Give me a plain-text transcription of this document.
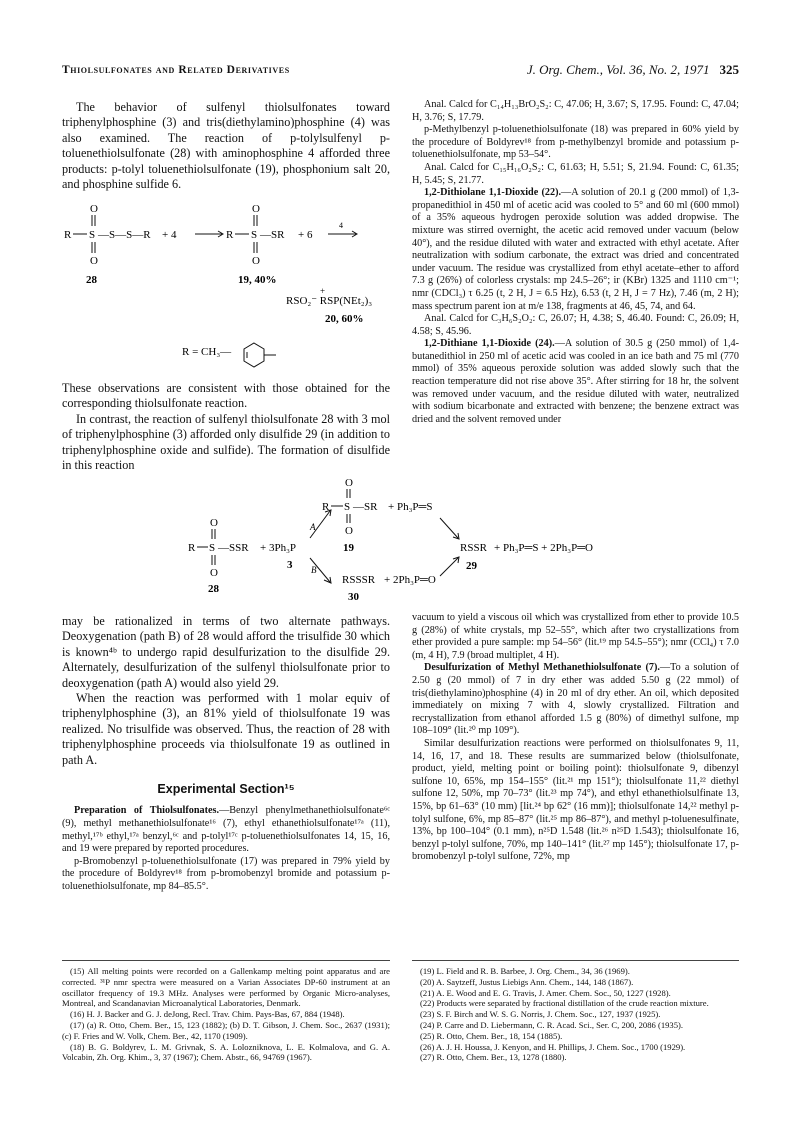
Thiolsulfonates and Related Derivatives	J. Org. Chem., Vol. 36, No. 2, 1971 325

The behavior of sulfenyl thiolsulfonates toward triphenylphosphine (3) and tris(diethylamino)phosphine (4) was also examined. The reaction of p-tolylsulfenyl p-toluenethiolsulfonate (28) with aminophosphine 4 afforded three products: p-tolyl toluenethiolsulfonate (19), phosphonium salt 20, and phosphine sulfide 6.

O
R S —S—S—R
O
28
+ 4
O
R S —SR
O
19, 40%
+ 6
4
+
RSO₂⁻ RSP(NEt₂)₃
20, 60%
R = CH₃—

These observations are consistent with those obtained for the corresponding thiolsulfonate reaction.

In contrast, the reaction of sulfenyl thiolsulfonate 28 with 3 mol of triphenylphosphine (3) afforded only disulfide 29 (in addition to triphenylphosphine oxide and sulfide). The formation of disulfide in this reaction

Anal. Calcd for C₁₄H₁₃BrO₂S₂: C, 47.06; H, 3.67; S, 17.95. Found: C, 47.04; H, 3.76; S, 17.79.

p-Methylbenzyl p-toluenethiolsulfonate (18) was prepared in 60% yield by the procedure of Boldyrev¹⁸ from p-methylbenzyl bromide and potassium p-toluenethiolsulfonate, mp 53–54°.

Anal. Calcd for C₁₅H₁₆O₂S₂: C, 61.63; H, 5.51; S, 21.94. Found: C, 61.35; H, 5.45; S, 21.77.

1,2-Dithiolane 1,1-Dioxide (22).—A solution of 20.1 g (200 mmol) of 1,3-propanedithiol in 450 ml of acetic acid was cooled to 5° and 60 ml (600 mmol) of a 35% aqueous hydrogen peroxide solution was added dropwise. The mixture was stirred overnight, the acetic acid removed under vacuum (below 40°), and the residue diluted with water and extracted with ethyl acetate. After neutralization with sodium carbonate, the extract was dried and concentrated under vacuum. The residue was crystallized from ethyl acetate–ether to afford 7.3 g (26%) of colorless crystals: mp 24.5–26°; ir (KBr) 1325 and 1110 cm⁻¹; nmr (CDCl₃) τ 6.25 (t, 2 H, J = 6.5 Hz), 6.53 (t, 2 H, J = 7 Hz), 7.46 (m, 2 H); mass spectrum parent ion at m/e 138, fragments at 46, 45, 74, and 64.

Anal. Calcd for C₃H₆S₂O₂: C, 26.07; H, 4.38; S, 46.40. Found: C, 26.09; H, 4.58; S, 45.96.

1,2-Dithiane 1,1-Dioxide (24).—A solution of 30.5 g (250 mmol) of 1,4-butanedithiol in 250 ml of acetic acid was cooled in an ice bath and 75 ml (770 mmol) of 35% aqueous peroxide solution was added slowly such that the reaction temperature did not rise above 35°. After stirring for 18 hr, the solvent was removed under vacuum, and the residue diluted with water, neutralized with sodium bicarbonate and extracted with benzene; the benzene extract was dried and the solvent removed under

O
R S —SSR
O
28
+ 3Ph₃P
3
A
B
O
R S —SR
O
19
+ Ph₃P═S
RSSR + Ph₃P═S + 2Ph₃P═O
29
RSSSR + 2Ph₃P═O
30

may be rationalized in terms of two alternate pathways. Deoxygenation (path B) of 28 would afford the trisulfide 30 which is known⁴ᵇ to undergo rapid desulfurization to the disulfide 29. Alternately, desulfurization of the sulfenyl thiolsulfonate prior to deoxygenation (path A) would also yield 29.

When the reaction was performed with 1 molar equiv of triphenylphosphine (3), an 81% yield of thiolsulfonate 19 was realized. No trisulfide was observed. Thus, the reaction of 28 with triphenylphosphine proceeds via thiolsulfonate 19 as outlined in path A.

Experimental Section¹⁵

Preparation of Thiolsulfonates.—Benzyl phenylmethanethiolsulfonate⁶ᶜ (9), methyl methanethiolsulfonate¹⁶ (7), ethyl ethanethiolsulfonate¹⁷ᵃ (11), methyl,¹⁷ᵇ ethyl,¹⁷ᵃ benzyl,⁶ᶜ and p-tolyl¹⁷ᶜ p-toluenethiolsulfonates 14, 15, 16, and 19 were prepared by reported procedures.

p-Bromobenzyl p-toluenethiolsulfonate (17) was prepared in 79% yield by the procedure of Boldyrev¹⁸ from p-bromobenzyl bromide and potassium p-toluenethiolsulfonate, mp 84–85.5°.

vacuum to yield a viscous oil which was crystallized from ether to provide 10.5 g (28%) of white crystals, mp 52–55°, which after two crystallizations from ether provided a pure sample: mp 54–56° (lit.¹⁹ mp 54.5–55°); nmr (CCl₄) τ 7.0 (m, 4 H), 7.9 (broad multiplet, 4 H).

Desulfurization of Methyl Methanethiolsulfonate (7).—To a solution of 2.50 g (20 mmol) of 7 in dry ether was added 5.50 g (22 mmol) of tris(diethylamino)phosphine (4) in 20 ml of dry ether. An oil, which deposited immediately on mixing 7 with 4, slowly crystallized. Filtration and recrystallization from ethanol afforded 1.5 g (80%) of dimethyl sulfone, mp 108–109° (lit.²⁰ mp 109°).

Similar desulfurization reactions were performed on thiolsulfonates 9, 11, 14, 16, 17, and 18. These results are summarized below (thiolsulfonate, product, yield, melting point or boiling point): thiolsulfonate 9, dibenzyl sulfone 10, 65%, mp 154–155° (lit.²¹ mp 151°); thiolsulfonate 11,²² diethyl sulfone 12, 50%, mp 70–73° (lit.²³ mp 74°), and ethyl ethanethiolsulfinate 13, 15%, bp 61–63° (10 mm) [lit.²⁴ bp 62° (16 mm)]; thiolsulfonate 14,²² methyl p-tolyl sulfone, 6%, mp 85–87° (lit.²⁵ mp 86–87°), and methyl p-toluenesulfinate, 13%, bp 100–104° (0.1 mm), n²⁵D 1.548 (lit.²⁶ n²⁵D 1.543); thiolsulfonate 16, benzyl p-tolyl sulfone, 70%, mp 140–141° (lit.²⁷ mp 145°); thiolsulfonate 17, p-bromobenzyl p-tolyl sulfone, 72%, mp

(15) All melting points were recorded on a Gallenkamp melting point apparatus and are corrected. ³¹P nmr spectra were measured on a Varian Associates DP-60 instrument at an oscillator frequency of 19.3 MHz. Analyses were performed by Organic Micro-analyses, Montreal, and Scandanavian Microanalytical Laboratories, Denmark.

(16) H. J. Backer and G. J. deJong, Recl. Trav. Chim. Pays-Bas, 67, 884 (1948).

(17) (a) R. Otto, Chem. Ber., 15, 123 (1882); (b) D. T. Gibson, J. Chem. Soc., 2637 (1931); (c) F. Fries and W. Volk, Chem. Ber., 42, 1170 (1909).

(18) B. G. Boldyrev, L. M. Grivnak, S. A. Lolozniknova, L. E. Kolmalova, and G. A. Volcabin, Zh. Org. Khim., 3, 37 (1967); Chem. Abstr., 66, 94769 (1967).

(19) L. Field and R. B. Barbee, J. Org. Chem., 34, 36 (1969).

(20) A. Saytzeff, Justus Liebigs Ann. Chem., 144, 148 (1867).

(21) A. E. Wood and E. G. Travis, J. Amer. Chem. Soc., 50, 1227 (1928).

(22) Products were separated by fractional distillation of the crude reaction mixture.

(23) S. F. Birch and W. S. G. Norris, J. Chem. Soc., 127, 1937 (1925).

(24) P. Carre and D. Liebermann, C. R. Acad. Sci., Ser. C, 200, 2086 (1935).

(25) R. Otto, Chem. Ber., 18, 154 (1885).

(26) A. J. H. Houssa, J. Kenyon, and H. Phillips, J. Chem. Soc., 1700 (1929).

(27) R. Otto, Chem. Ber., 13, 1278 (1880).
